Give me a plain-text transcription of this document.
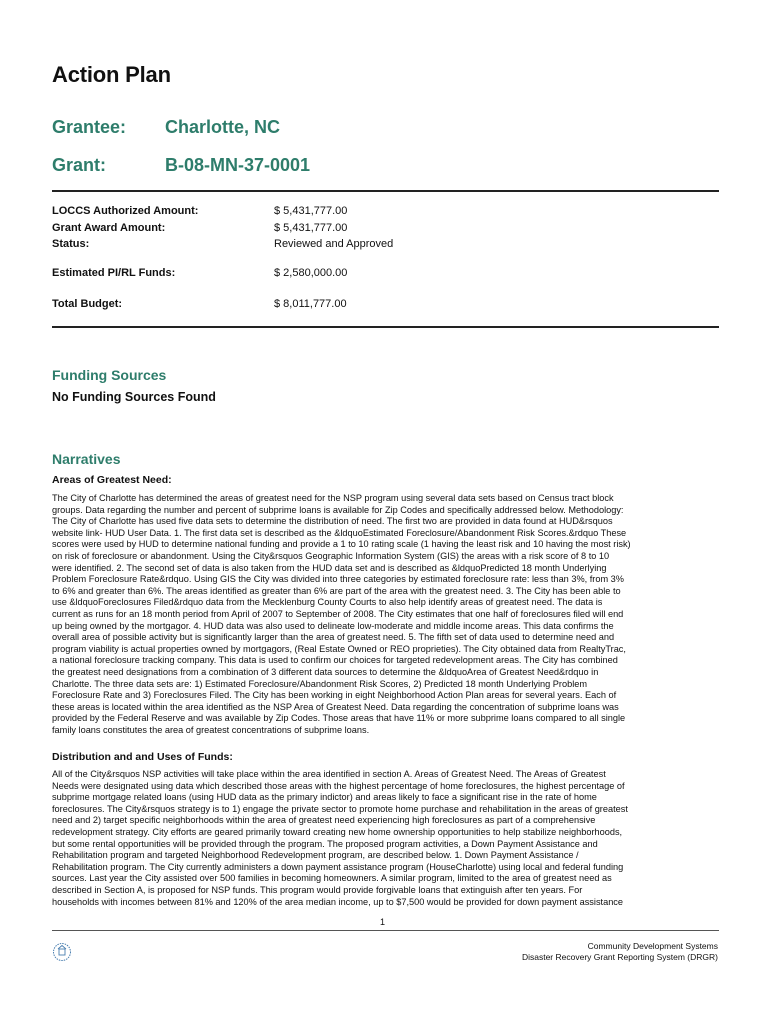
Action Plan
Grantee: Charlotte, NC
Grant:	B-08-MN-37-0001
LOCCS Authorized Amount:	$ 5,431,777.00
Grant Award Amount:	$ 5,431,777.00
Status:	Reviewed and Approved
Estimated PI/RL Funds:	$ 2,580,000.00
Total Budget:	$ 8,011,777.00
Funding Sources
No Funding Sources Found
Narratives
Areas of Greatest Need:
The City of Charlotte has determined the areas of greatest need for the NSP program using several data sets based on Census tract block
groups. Data regarding the number and percent of subprime loans is available for Zip Codes and specifically addressed below. Methodology:
The City of Charlotte has used five data sets to determine the distribution of need. The first two are provided in data found at HUD&rsquos
website link- HUD User Data. 1. The first data set is described as the &ldquoEstimated Foreclosure/Abandonment Risk Scores.&rdquo These
scores were used by HUD to determine national funding and provide a 1 to 10 rating scale (1 having the least risk and 10 having the most risk)
on risk of foreclosure or abandonment. Using the City&rsquos Geographic Information System (GIS) the areas with a risk score of 8 to 10
were identified. 2. The second set of data is also taken from the HUD data set and is described as &ldquoPredicted 18 month Underlying
Problem Foreclosure Rate&rdquo. Using GIS the City was divided into three categories by estimated foreclosure rate: less than 3%, from 3%
to 6% and greater than 6%. The areas identified as greater than 6% are part of the area with the greatest need. 3. The City has been able to
use &ldquoForeclosures Filed&rdquo data from the Mecklenburg County Courts to also help identify areas of greatest need. The data is
current as runs for an 18 month period from April of 2007 to September of 2008. The City estimates that one half of foreclosures filed will end
up being owned by the mortgagor. 4. HUD data was also used to delineate low-moderate and middle income areas. This data confirms the
overall area of possible activity but is significantly larger than the area of greatest need. 5. The fifth set of data used to determine need and
program viability is actual properties owned by mortgagors, (Real Estate Owned or REO proprieties). The City obtained data from RealtyTrac,
a national foreclosure tracking company. This data is used to confirm our choices for targeted redevelopment areas. The City has combined
the greatest need designations from a combination of 3 different data sources to determine the &ldquoArea of Greatest Need&rdquo in
Charlotte. The three data sets are: 1) Estimated Foreclosure/Abandonment Risk Scores, 2) Predicted 18 month Underlying Problem
Foreclosure Rate and 3) Foreclosures Filed. The City has been working in eight Neighborhood Action Plan areas for several years. Each of
these areas is located within the area identified as the NSP Area of Greatest Need. Data regarding the concentration of subprime loans was
provided by the Federal Reserve and was available by Zip Codes. Those areas that have 11% or more subprime loans compared to all single
family loans constitutes the area of greatest concentrations of subprime loans.
Distribution and and Uses of Funds:
All of the City&rsquos NSP activities will take place within the area identified in section A. Areas of Greatest Need. The Areas of Greatest
Needs were designated using data which described those areas with the highest percentage of home foreclosures, the highest percentage of
subprime mortgage related loans (using HUD data as the primary indictor) and areas likely to face a significant rise in the rate of home
foreclosures. The City&rsquos strategy is to 1) engage the private sector to promote home purchase and rehabilitation in the areas of greatest
need and 2) target specific neighborhoods within the area of greatest need experiencing high foreclosures as part of a comprehensive
redevelopment strategy. City efforts are geared primarily toward creating new home ownership opportunities to help stabilize neighborhoods,
but some rental opportunities will be provided through the program. The proposed program activities, a Down Payment Assistance and
Rehabilitation program and targeted Neighborhood Redevelopment program, are described below. 1. Down Payment Assistance /
Rehabilitation program. The City currently administers a down payment assistance program (HouseCharlotte) using local and federal funding
sources. Last year the City assisted over 500 families in becoming homeowners. A similar program, limited to the area of greatest need as
described in Section A, is proposed for NSP funds. This program would provide forgivable loans that extinguish after ten years. For
households with incomes between 81% and 120% of the area median income, up to $7,500 would be provided for down payment assistance
1
Community Development Systems
Disaster Recovery Grant Reporting System (DRGR)
